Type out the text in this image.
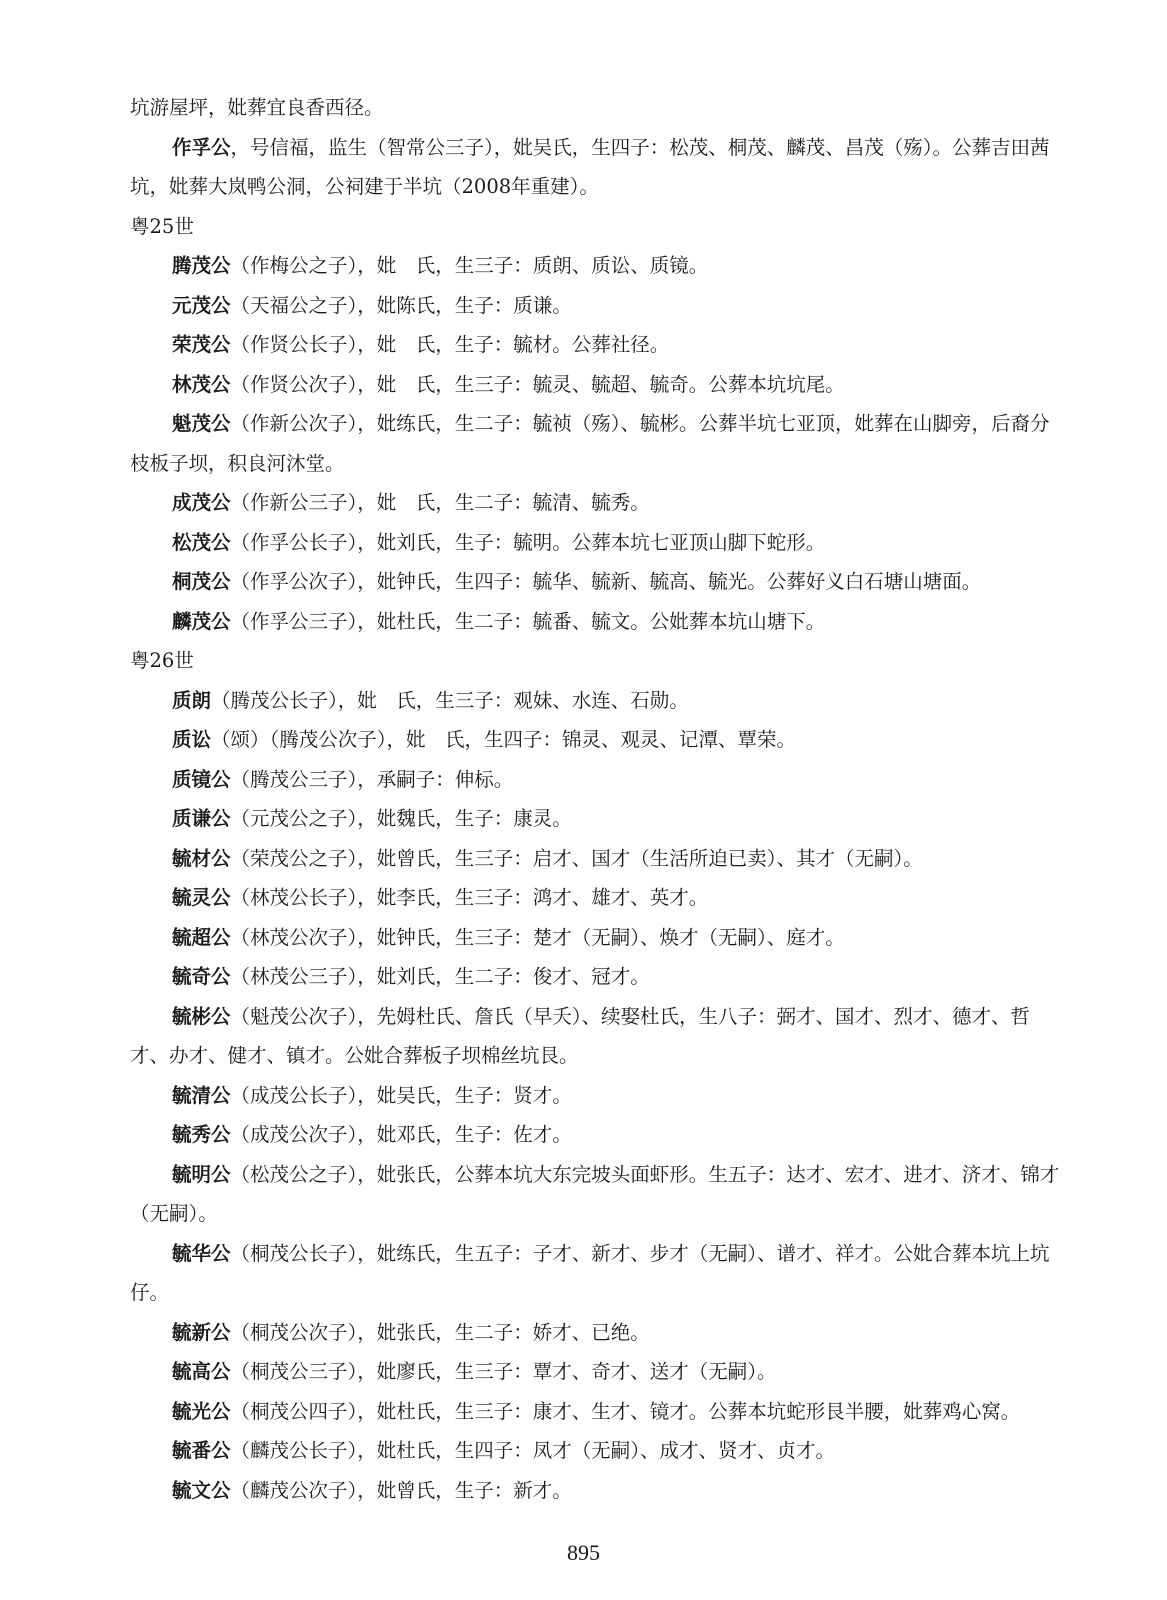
坑游屋坪，妣葬宜良香西径。

作孚公，号信福，监生（智常公三子），妣吴氏，生四子：松茂、桐茂、麟茂、昌茂（殇）。公葬吉田茜坑，妣葬大岚鸭公洞，公祠建于半坑（2008年重建）。

粤25世

腾茂公（作梅公之子），妣　氏，生三子：质朗、质讼、质镜。

元茂公（天福公之子），妣陈氏，生子：质谦。

荣茂公（作贤公长子），妣　氏，生子：毓材。公葬社径。

林茂公（作贤公次子），妣　氏，生三子：毓灵、毓超、毓奇。公葬本坑坑尾。

魁茂公（作新公次子），妣练氏，生二子：毓祯（殇）、毓彬。公葬半坑七亚顶，妣葬在山脚旁，后裔分枝板子坝，积良河沐堂。

成茂公（作新公三子），妣　氏，生二子：毓清、毓秀。

松茂公（作孚公长子），妣刘氏，生子：毓明。公葬本坑七亚顶山脚下蛇形。

桐茂公（作孚公次子），妣钟氏，生四子：毓华、毓新、毓高、毓光。公葬好义白石塘山塘面。

麟茂公（作孚公三子），妣杜氏，生二子：毓番、毓文。公妣葬本坑山塘下。

粤26世

质朗（腾茂公长子），妣　氏，生三子：观妹、水连、石勋。

质讼（颂）（腾茂公次子），妣　氏，生四子：锦灵、观灵、记潭、覃荣。

质镜公（腾茂公三子），承嗣子：伸标。

质谦公（元茂公之子），妣魏氏，生子：康灵。

毓材公（荣茂公之子），妣曾氏，生三子：启才、国才（生活所迫已卖）、其才（无嗣）。

毓灵公（林茂公长子），妣李氏，生三子：鸿才、雄才、英才。

毓超公（林茂公次子），妣钟氏，生三子：楚才（无嗣）、焕才（无嗣）、庭才。

毓奇公（林茂公三子），妣刘氏，生二子：俊才、冠才。

毓彬公（魁茂公次子），先姆杜氏、詹氏（早夭）、续娶杜氏，生八子：弼才、国才、烈才、德才、哲才、办才、健才、镇才。公妣合葬板子坝棉丝坑艮。

毓清公（成茂公长子），妣吴氏，生子：贤才。

毓秀公（成茂公次子），妣邓氏，生子：佐才。

毓明公（松茂公之子），妣张氏，公葬本坑大东完坡头面虾形。生五子：达才、宏才、进才、济才、锦才（无嗣）。

毓华公（桐茂公长子），妣练氏，生五子：子才、新才、步才（无嗣）、谱才、祥才。公妣合葬本坑上坑仔。

毓新公（桐茂公次子），妣张氏，生二子：娇才、已绝。

毓高公（桐茂公三子），妣廖氏，生三子：覃才、奇才、送才（无嗣）。

毓光公（桐茂公四子），妣杜氏，生三子：康才、生才、镜才。公葬本坑蛇形艮半腰，妣葬鸡心窝。

毓番公（麟茂公长子），妣杜氏，生四子：凤才（无嗣）、成才、贤才、贞才。

毓文公（麟茂公次子），妣曾氏，生子：新才。

895
